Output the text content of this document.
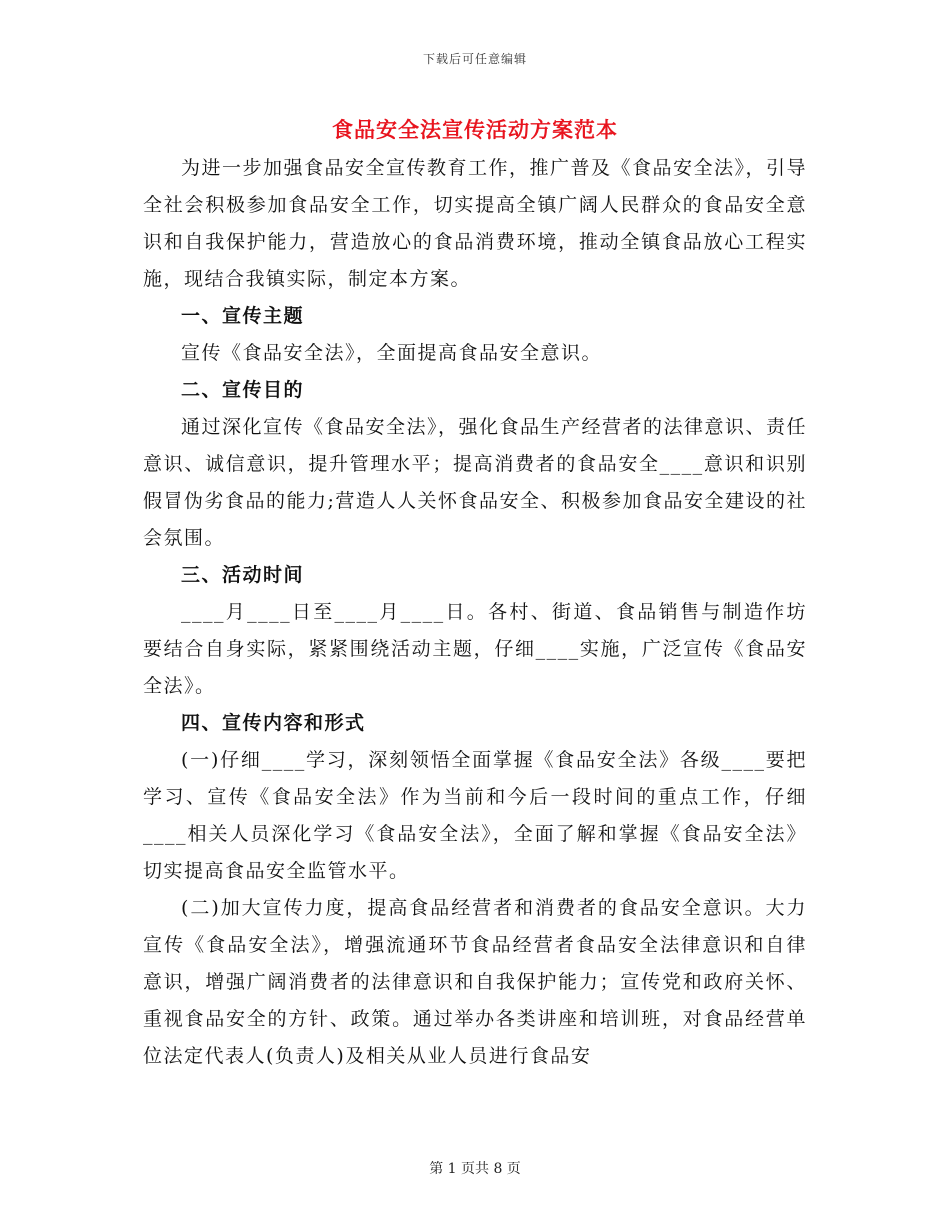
下载后可任意编辑
食品安全法宣传活动方案范本

为进一步加强食品安全宣传教育工作，推广普及《食品安全法》，引导全社会积极参加食品安全工作，切实提高全镇广阔人民群众的食品安全意识和自我保护能力，营造放心的食品消费环境，推动全镇食品放心工程实施，现结合我镇实际，制定本方案。

一、宣传主题

宣传《食品安全法》，全面提高食品安全意识。

二、宣传目的

通过深化宣传《食品安全法》，强化食品生产经营者的法律意识、责任意识、诚信意识，提升管理水平；提高消费者的食品安全____意识和识别假冒伪劣食品的能力;营造人人关怀食品安全、积极参加食品安全建设的社会氛围。

三、活动时间

____月____日至____月____日。各村、街道、食品销售与制造作坊要结合自身实际，紧紧围绕活动主题，仔细____实施，广泛宣传《食品安全法》。

四、宣传内容和形式

(一)仔细____学习，深刻领悟全面掌握《食品安全法》各级____要把学习、宣传《食品安全法》作为当前和今后一段时间的重点工作，仔细____相关人员深化学习《食品安全法》，全面了解和掌握《食品安全法》切实提高食品安全监管水平。

(二)加大宣传力度，提高食品经营者和消费者的食品安全意识。大力宣传《食品安全法》，增强流通环节食品经营者食品安全法律意识和自律意识，增强广阔消费者的法律意识和自我保护能力；宣传党和政府关怀、重视食品安全的方针、政策。通过举办各类讲座和培训班，对食品经营单位法定代表人(负责人)及相关从业人员进行食品安

第 1 页共 8 页
